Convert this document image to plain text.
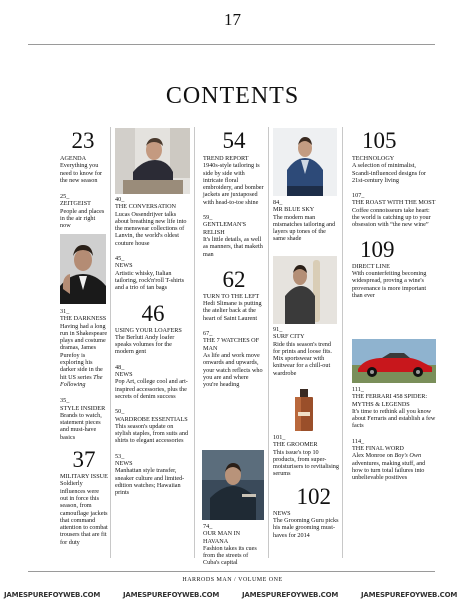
17
CONTENTS
23
AGENDA
Everything you need to know for the new season
25_
ZEITGEIST
People and places in the air right now
31_
THE DARKNESS
Having had a long run in Shakespeare plays and costume dramas, James Purefoy is exploring his darker side in the hit US series The Following
35_
STYLE INSIDER
Brands to watch, statement pieces and must-have basics
37
MILITARY ISSUE
Soldierly influences were out in force this season, from camouflage jackets that command attention to combat trousers that are fit for duty
40_
THE CONVERSATION
Lucas Ossendrijver talks about breathing new life into the menswear collections of Lanvin, the world's oldest couture house
45_
NEWS
Artistic whisky, Italian tailoring, rock'n'roll T-shirts and a trio of tan bags
46
USING YOUR LOAFERS
The Berluti Andy loafer speaks volumes for the modern gent
48_
NEWS
Pop Art, college cool and art-inspired accessories, plus the secrets of denim success
50_
WARDROBE ESSENTIALS
This season's update on stylish staples, from suits and shirts to elegant accessories
53_
NEWS
Manhattan style transfer, sneaker culture and limited-edition watches; Hawaiian prints
54
TREND REPORT
1940s-style tailoring is side by side with intricate floral embroidery, and bomber jackets are juxtaposed with head-to-toe shine
59_
GENTLEMAN'S RELISH
It's little details, as well as manners, that maketh man
62
TURN TO THE LEFT
Hedi Slimane is putting the atelier back at the heart of Saint Laurent
67_
THE 7 WATCHES OF MAN
As life and work move onwards and upwards, your watch reflects who you are and where you're heading
74_
OUR MAN IN HAVANA
Fashion takes its cues from the streets of Cuba's capital
84_
MR BLUE SKY
The modern man mismatches tailoring and layers up tones of the same shade
91_
SURF CITY
Ride this season's trend for prints and loose fits. Mix sportswear with knitwear for a chill-out wardrobe
101_
THE GROOMER
This issue's top 10 products, from super-moisturisers to revitalising serums
102
NEWS
The Grooming Guru picks his male grooming must-haves for 2014
105
TECHNOLOGY
A selection of minimalist, Scandi-influenced designs for 21st-century living
107_
THE ROAST WITH THE MOST
Coffee connoisseurs take heart: the world is catching up to your obsession with “the new wine”
109
DIRECT LINE
With counterfeiting becoming widespread, proving a wine's provenance is more important than ever
111_
THE FERRARI 458 SPIDER: MYTHS & LEGENDS
It's time to rethink all you know about Ferraris and establish a few facts
114_
THE FINAL WORD
Alex Monroe on Boy's Own adventures, making stuff, and how to turn total failures into unbelievable positives
HARRODS MAN / VOLUME ONE
JAMESPUREFOYWEB.COM	JAMESPUREFOYWEB.COM	JAMESPUREFOYWEB.COM	JAMESPUREFOYWEB.COM
